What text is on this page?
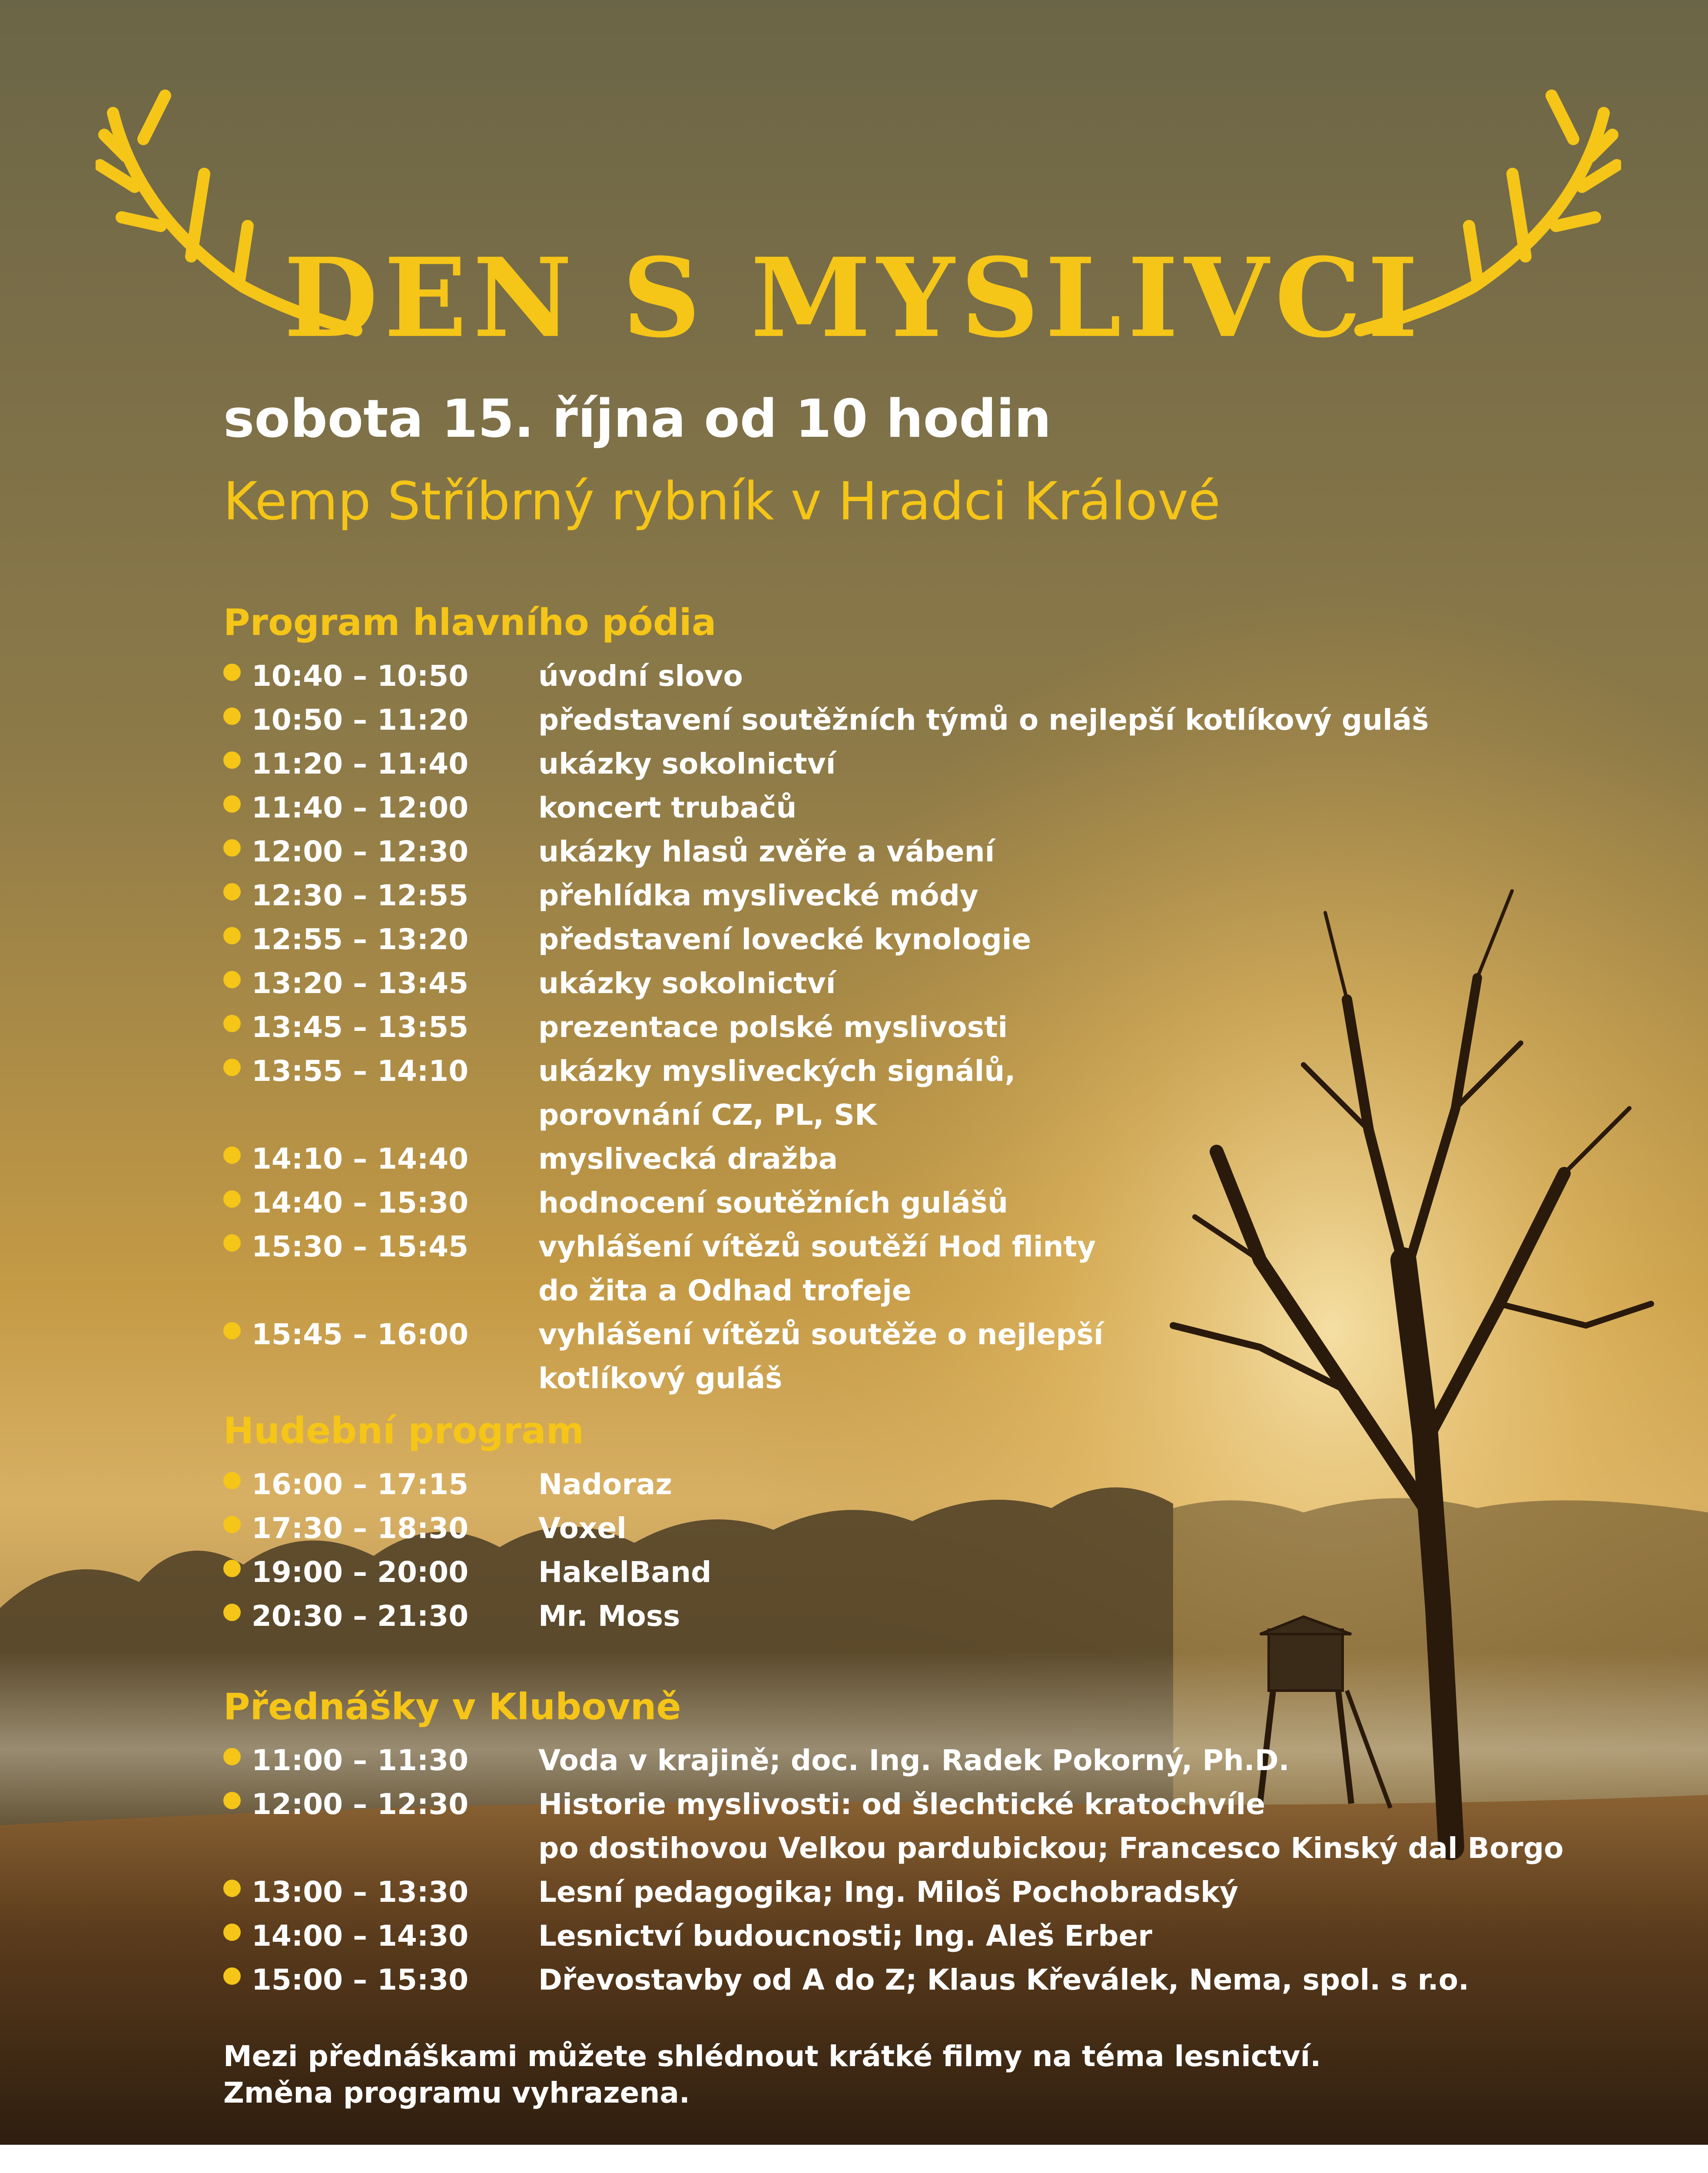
DEN S MYSLIVCI
sobota 15. října od 10 hodin
Kemp Stříbrný rybník v Hradci Králové
Program hlavního pódia
10:40 – 10:50 úvodní slovo
10:50 – 11:20 představení soutěžních týmů o nejlepší kotlíkový guláš
11:20 – 11:40 ukázky sokolnictví
11:40 – 12:00 koncert trubačů
12:00 – 12:30 ukázky hlasů zvěře a vábení
12:30 – 12:55 přehlídka myslivecké módy
12:55 – 13:20 představení lovecké kynologie
13:20 – 13:45 ukázky sokolnictví
13:45 – 13:55 prezentace polské myslivosti
13:55 – 14:10 ukázky mysliveckých signálů,
porovnání CZ, PL, SK
14:10 – 14:40 myslivecká dražba
14:40 – 15:30 hodnocení soutěžních gulášů
15:30 – 15:45 vyhlášení vítězů soutěží Hod flinty
do žita a Odhad trofeje
15:45 – 16:00 vyhlášení vítězů soutěže o nejlepší
kotlíkový guláš
Hudební program
16:00 – 17:15 Nadoraz
17:30 – 18:30 Voxel
19:00 – 20:00 HakelBand
20:30 – 21:30 Mr. Moss
Přednášky v Klubovně
11:00 – 11:30 Voda v krajině; doc. Ing. Radek Pokorný, Ph.D.
12:00 – 12:30 Historie myslivosti: od šlechtické kratochvíle
po dostihovou Velkou pardubickou; Francesco Kinský dal Borgo
13:00 – 13:30 Lesní pedagogika; Ing. Miloš Pochobradský
14:00 – 14:30 Lesnictví budoucnosti; Ing. Aleš Erber
15:00 – 15:30 Dřevostavby od A do Z; Klaus Křeválek, Nema, spol. s r.o.
Mezi přednáškami můžete shlédnout krátké filmy na téma lesnictví.
Změna programu vyhrazena.
